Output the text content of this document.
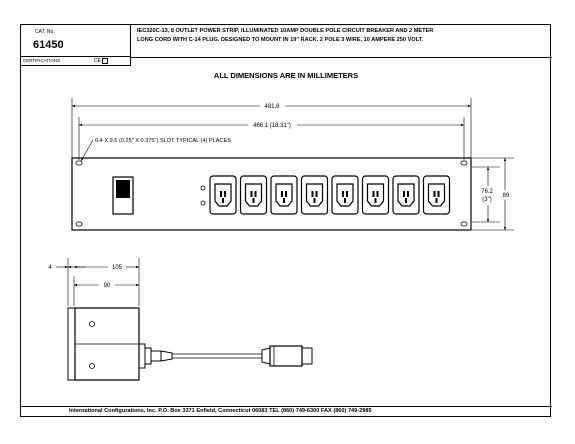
CAT. No.
61450
CERTIFICATIONS	CE
IEC320C-13, 8 OUTLET POWER STRIP, ILLUMINATED 10AMP DOUBLE POLE CIRCUIT BREAKER AND 2 METER
LONG CORD WITH C-14 PLUG. DESIGNED TO MOUNT IN 19" RACK. 2 POLE 3 WIRE, 10 AMPERE 250 VOLT.
International Configurations, Inc. P.O. Box 3371 Enfield, Connecticut 06083 TEL (860) 749-6300 FAX (860) 749-2985
ALL DIMENSIONS ARE IN MILLIMETERS
481.6
466.1 (18.31")
6.4 X 9.5 (0.25" X 0.375") SLOT TYPICAL (4) PLACES
76.2
(3")
89
4	105
90
